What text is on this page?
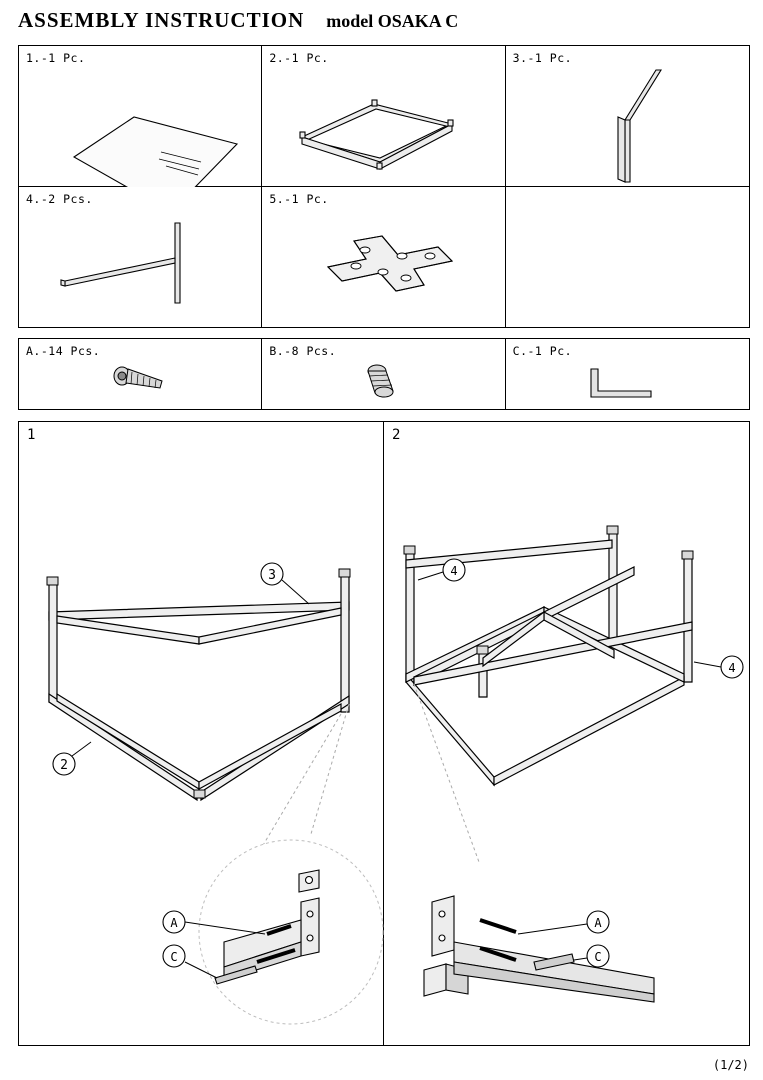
ASSEMBLY INSTRUCTION model OSAKA C
1.-1 Pc.	2.-1 Pc.	3.-1 Pc.
4.-2 Pcs.	5.-1 Pc.
A.-14 Pcs.	B.-8 Pcs.	C.-1 Pc.
1
2
3
A
C
2
4
4
A
C
(1/2)
